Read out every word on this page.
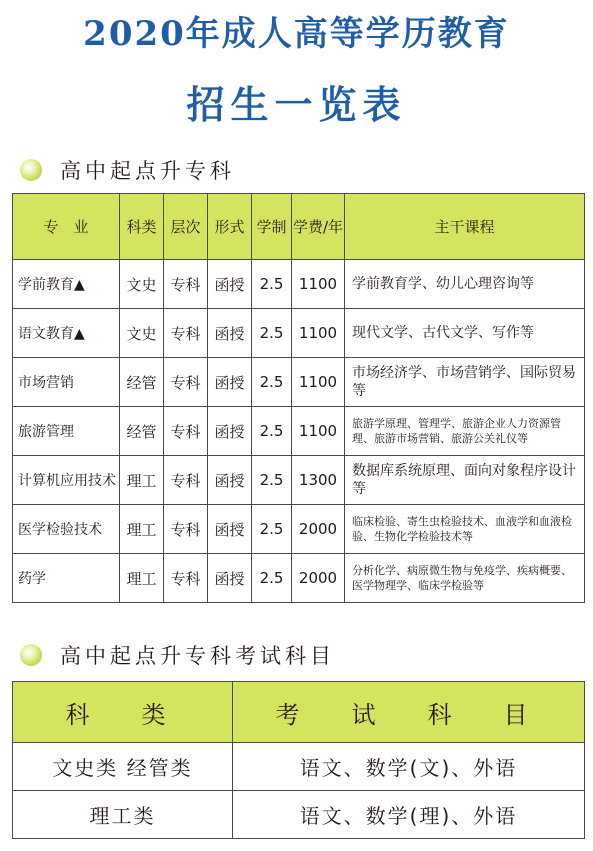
2020年成人高等学历教育
招生一览表
高中起点升专科
专　业	科类	层次	形式	学制	学费/年	主干课程
学前教育▲	文史	专科	函授	2.5	1100	学前教育学、幼儿心理咨询等
语文教育▲	文史	专科	函授	2.5	1100	现代文学、古代文学、写作等
市场营销	经管	专科	函授	2.5	1100	市场经济学、市场营销学、国际贸易等
旅游管理	经管	专科	函授	2.5	1100	旅游学原理、管理学、旅游企业人力资源管理、旅游市场营销、旅游公关礼仪等
计算机应用技术	理工	专科	函授	2.5	1300	数据库系统原理、面向对象程序设计等
医学检验技术	理工	专科	函授	2.5	2000	临床检验、寄生虫检验技术、血液学和血液检验、生物化学检验技术等
药学	理工	专科	函授	2.5	2000	分析化学、病原微生物与免疫学、疾病概要、医学物理学、临床学检验等
高中起点升专科考试科目
科　类	考　试　科　目
文史类 经管类	语文、数学(文)、外语
理工类	语文、数学(理)、外语
